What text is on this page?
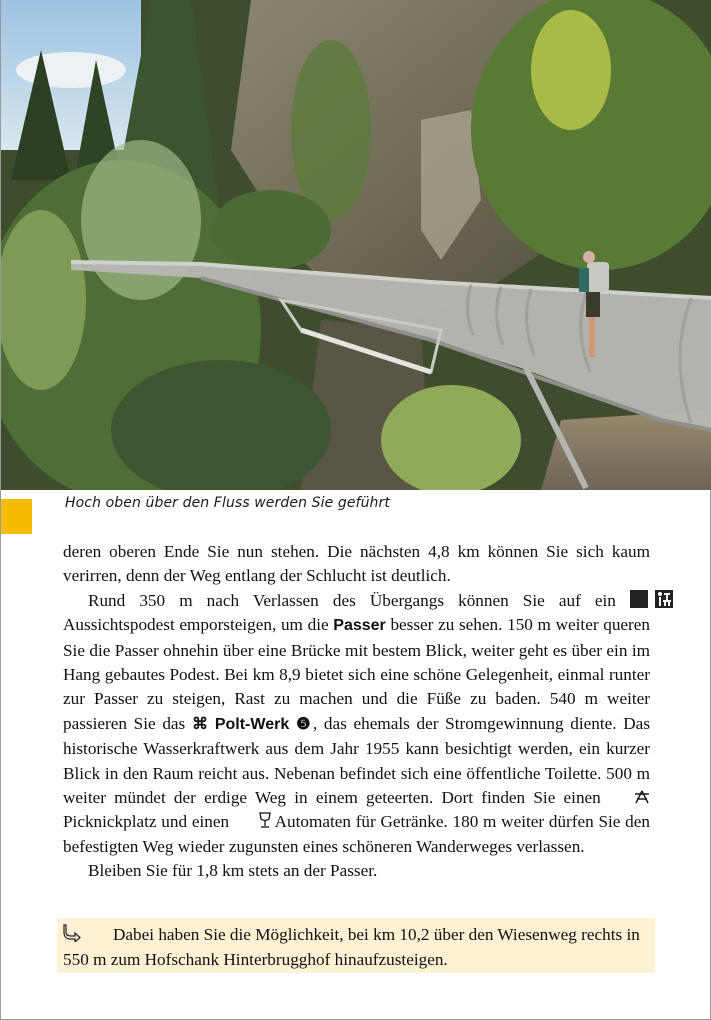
Hoch oben über den Fluss werden Sie geführt

deren oberen Ende Sie nun stehen. Die nächsten 4,8 km können Sie sich kaum verirren, denn der Weg entlang der Schlucht ist deutlich.

Rund 350 m nach Verlassen des Übergangs können Sie auf ein  Aussichtspodest emporsteigen, um die Passer besser zu sehen. 150 m weiter queren Sie die Passer ohnehin über eine Brücke mit bestem Blick, weiter geht es über ein im Hang gebautes Podest. Bei km 8,9 bietet sich eine schöne Gelegenheit, einmal runter zur Passer zu steigen, Rast zu machen und die Füße zu baden. 540 m weiter passieren Sie das ⌘ Polt-Werk ❺, das ehemals der Stromgewinnung diente. Das historische Wasserkraftwerk aus dem Jahr 1955 kann besichtigt werden, ein kurzer Blick in den Raum reicht aus. Nebenan befindet sich eine öffentliche Toilette. 500 m weiter mündet der erdige Weg in einem geteerten. Dort finden Sie einen  Picknickplatz und einen  Automaten für Getränke. 180 m weiter dürfen Sie den befestigten Weg wieder zugunsten eines schöneren Wanderweges verlassen.

Bleiben Sie für 1,8 km stets an der Passer.

Dabei haben Sie die Möglichkeit, bei km 10,2 über den Wiesenweg rechts in 550 m zum Hofschank Hinterbrugghof hinaufzusteigen.
